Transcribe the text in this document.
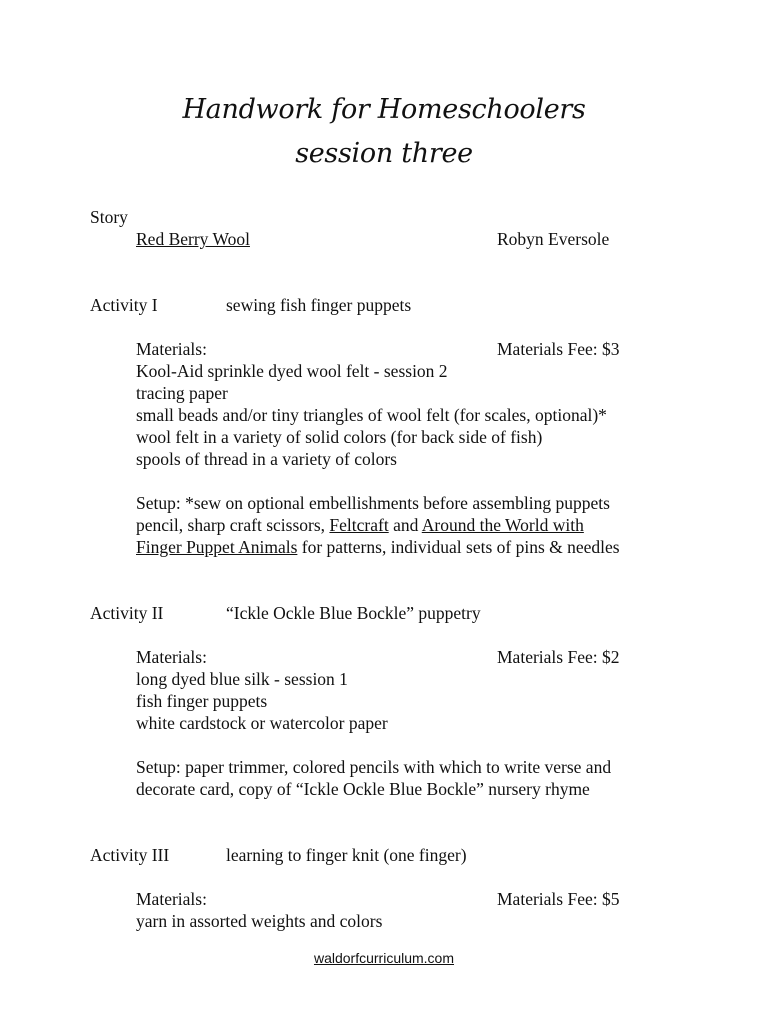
Handwork for Homeschoolers
session three
Story
Red Berry Wool	Robyn Eversole
Activity I	sewing fish finger puppets
Materials:	Materials Fee: $3
Kool-Aid sprinkle dyed wool felt - session 2
tracing paper
small beads and/or tiny triangles of wool felt (for scales, optional)*
wool felt in a variety of solid colors (for back side of fish)
spools of thread in a variety of colors
Setup: *sew on optional embellishments before assembling puppets
pencil, sharp craft scissors, Feltcraft and Around the World with
Finger Puppet Animals for patterns, individual sets of pins & needles
Activity II	“Ickle Ockle Blue Bockle” puppetry
Materials:	Materials Fee: $2
long dyed blue silk - session 1
fish finger puppets
white cardstock or watercolor paper
Setup: paper trimmer, colored pencils with which to write verse and
decorate card, copy of “Ickle Ockle Blue Bockle” nursery rhyme
Activity III	learning to finger knit (one finger)
Materials:	Materials Fee: $5
yarn in assorted weights and colors
waldorfcurriculum.com
